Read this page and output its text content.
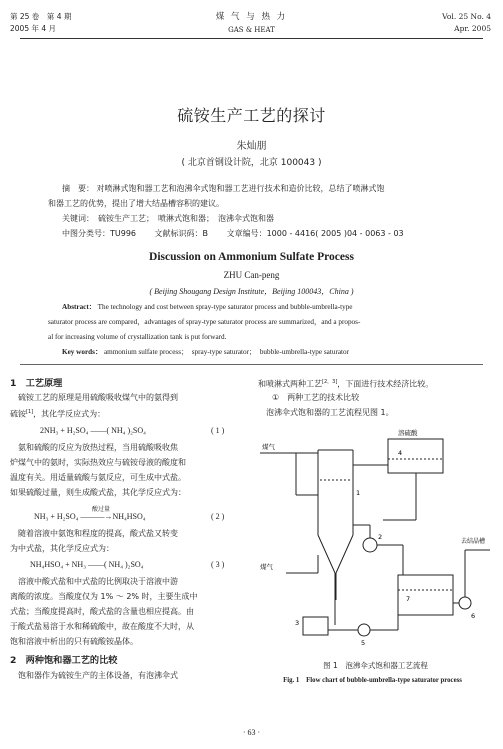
第 25 卷　第 4 期
2005 年 4 月
煤 气 与 热 力
GAS & HEAT
Vol. 25 No. 4
Apr. 2005
硫铵生产工艺的探讨
朱灿朋
( 北京首钢设计院，北京 100043 )
摘　要： 对喷淋式饱和器工艺和泡沸伞式饱和器工艺进行技术和造价比较，总结了喷淋式饱
和器工艺的优势，提出了增大结晶槽容积的建议。
关键词：　硫铵生产工艺；　喷淋式饱和器；　泡沸伞式饱和器
中图分类号：TU996　　 文献标识码：B　　 文章编号：1000 - 4416( 2005 )04 - 0063 - 03
Discussion on Ammonium Sulfate Process
ZHU Can-peng
( Beijing Shougang Design Institute，Beijing 100043，China )
Abstract： The technology and cost between spray-type saturator process and bubble-umbrella-type
saturator process are compared，advantages of spray-type saturator process are summarized，and a propos-
al for increasing volume of crystallization tank is put forward.
Key words： ammonium sulfate process；　spray-type saturator；　bubble-umbrella-type saturator
1　工艺原理
　硫铵工艺的原理是用硫酸吸收煤气中的氨得到
硫铵[1]，其化学反应式为：
2NH₃ + H₂SO₄ ——( NH₄ )₂SO₄	( 1 )
　氨和硫酸的反应为放热过程，当用硫酸吸收焦
炉煤气中的氨时，实际热效应与硫铵母液的酸度和
温度有关。用适量硫酸与氨反应，可生成中式盐。
如果硫酸过量，则生成酸式盐，其化学反应式为：
酸过量
NH₃ + H₂SO₄ ———→NH₄HSO₄	( 2 )
　随着溶液中氨饱和程度的提高，酸式盐又转变
为中式盐，其化学反应式为：
NH₄HSO₄ + NH₃ ——( NH₄ )₂SO₄	( 3 )
　溶液中酸式盐和中式盐的比例取决于溶液中游
离酸的浓度。当酸度仅为 1% ～ 2% 时，主要生成中
式盐；当酸度提高时，酸式盐的含量也相应提高。由
于酸式盐易溶于水和稀硫酸中，故在酸度不大时，从
饱和溶液中析出的只有硫酸铵晶体。
2　两种饱和器工艺的比较
　饱和器作为硫铵生产的主体设备，有泡沸伞式
和喷淋式两种工艺[2，3]，下面进行技术经济比较。
①　两种工艺的技术比较
　泡沸伞式饱和器的工艺流程见图 1。
煤气
煤气
溶硫酸
去结晶槽
1
2
3
4
5
6
7
图 1　泡沸伞式饱和器工艺流程
Fig. 1　Flow chart of bubble-umbrella-type saturator process
· 63 ·
